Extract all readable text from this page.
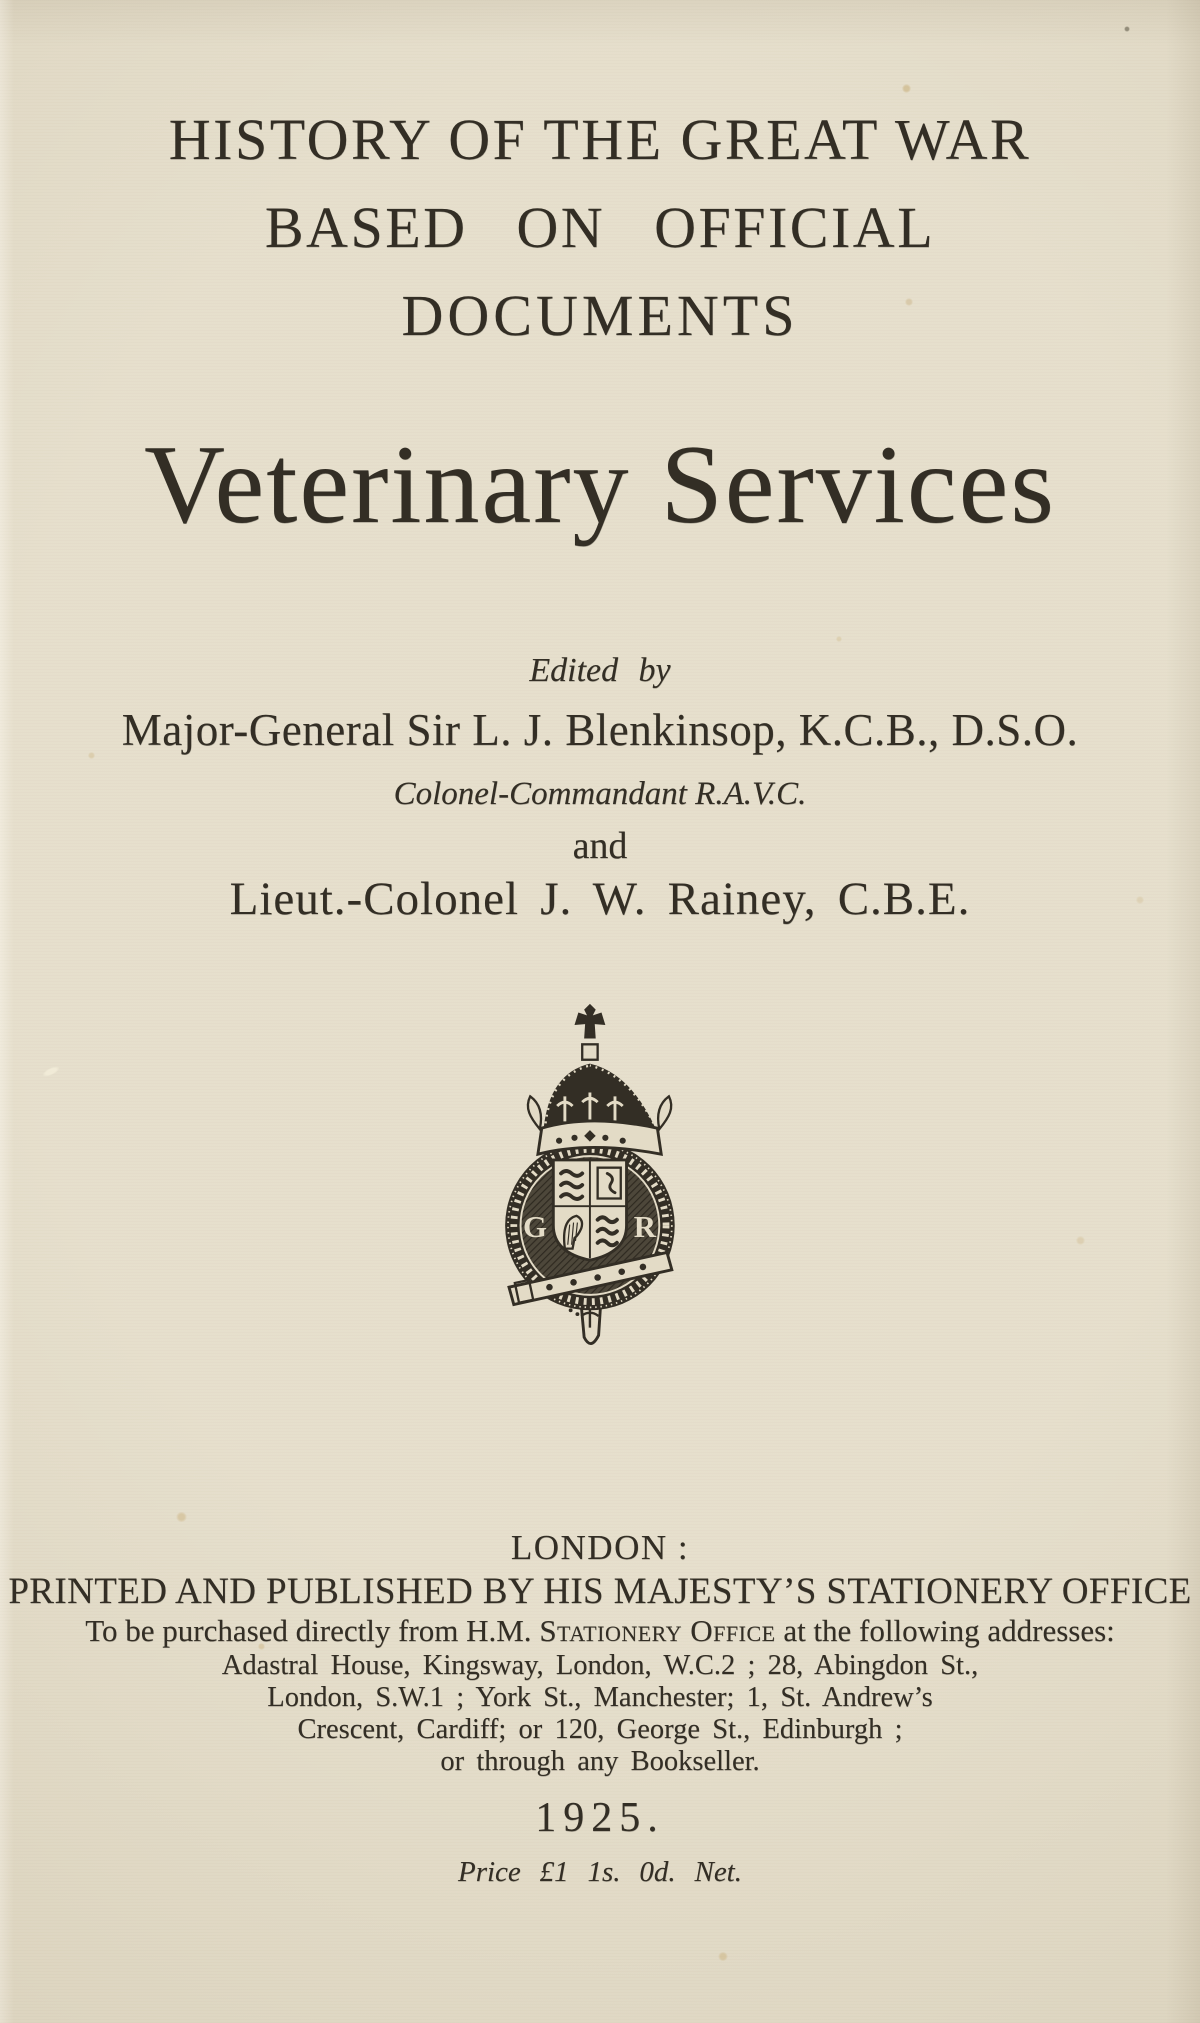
HISTORY OF THE GREAT WAR
BASED ON OFFICIAL
DOCUMENTS
Veterinary Services
Edited by
Major-General Sir L. J. Blenkinsop, K.C.B., D.S.O.
Colonel-Commandant R.A.V.C.
and
Lieut.-Colonel J. W. Rainey, C.B.E.
G	R
LONDON :
PRINTED AND PUBLISHED BY HIS MAJESTY’S STATIONERY OFFICE
To be purchased directly from H.M. Stationery Office at the following addresses:
Adastral House, Kingsway, London, W.C.2 ; 28, Abingdon St.,
London, S.W.1 ; York St., Manchester; 1, St. Andrew’s
Crescent, Cardiff; or 120, George St., Edinburgh ;
or through any Bookseller.
1925.
Price £1 1s. 0d. Net.
